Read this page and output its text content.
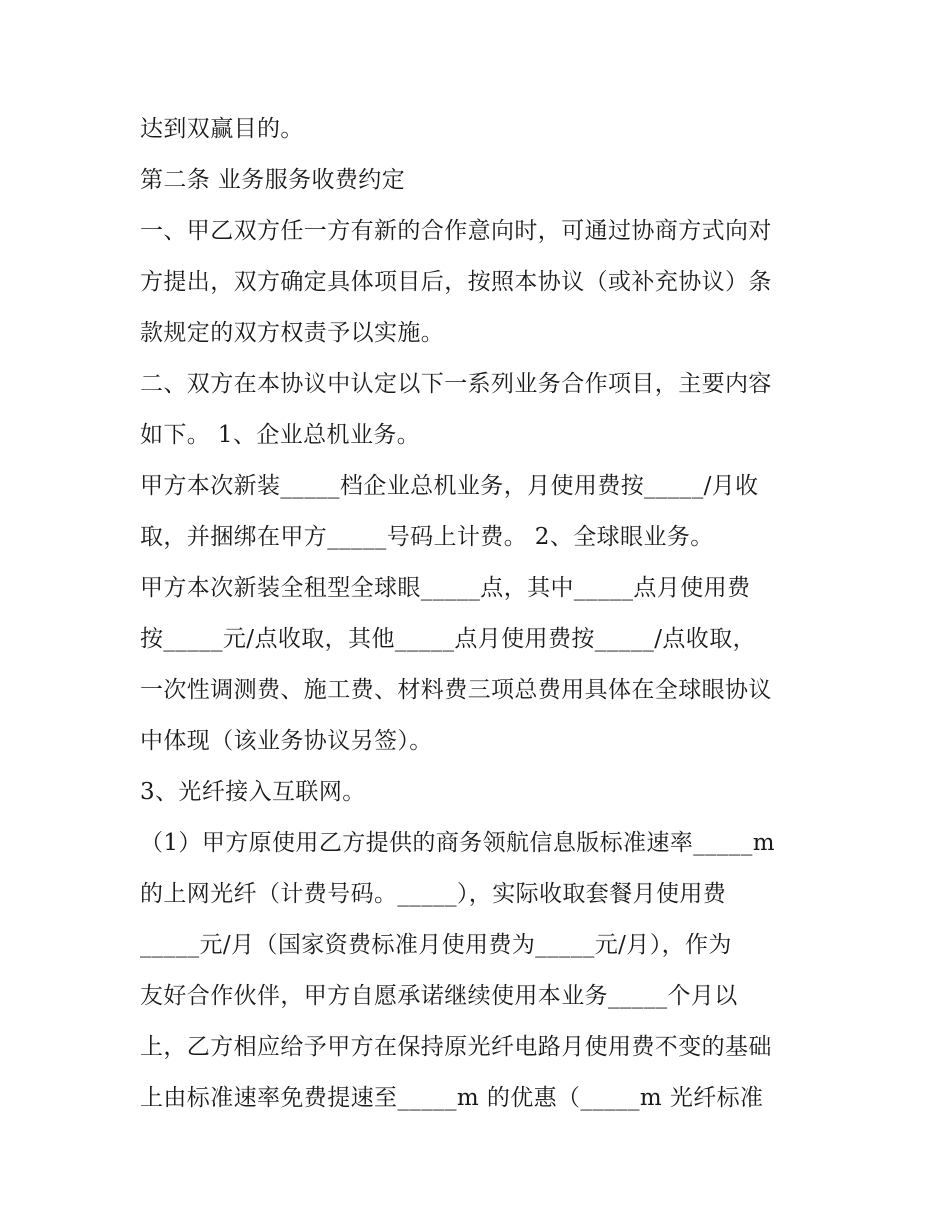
达到双赢目的。
第二条 业务服务收费约定
一、甲乙双方任一方有新的合作意向时，可通过协商方式向对
方提出，双方确定具体项目后，按照本协议（或补充协议）条
款规定的双方权责予以实施。
二、双方在本协议中认定以下一系列业务合作项目，主要内容
如下。 1、企业总机业务。
甲方本次新装_____档企业总机业务，月使用费按_____/月收
取，并捆绑在甲方_____号码上计费。 2、全球眼业务。
甲方本次新装全租型全球眼_____点，其中_____点月使用费
按_____元/点收取，其他_____点月使用费按_____/点收取，
一次性调测费、施工费、材料费三项总费用具体在全球眼协议
中体现（该业务协议另签）。
3、光纤接入互联网。
（1）甲方原使用乙方提供的商务领航信息版标准速率_____m
的上网光纤（计费号码。_____），实际收取套餐月使用费
_____元/月（国家资费标准月使用费为_____元/月），作为
友好合作伙伴，甲方自愿承诺继续使用本业务_____个月以
上，乙方相应给予甲方在保持原光纤电路月使用费不变的基础
上由标准速率免费提速至_____m 的优惠（_____m 光纤标准
